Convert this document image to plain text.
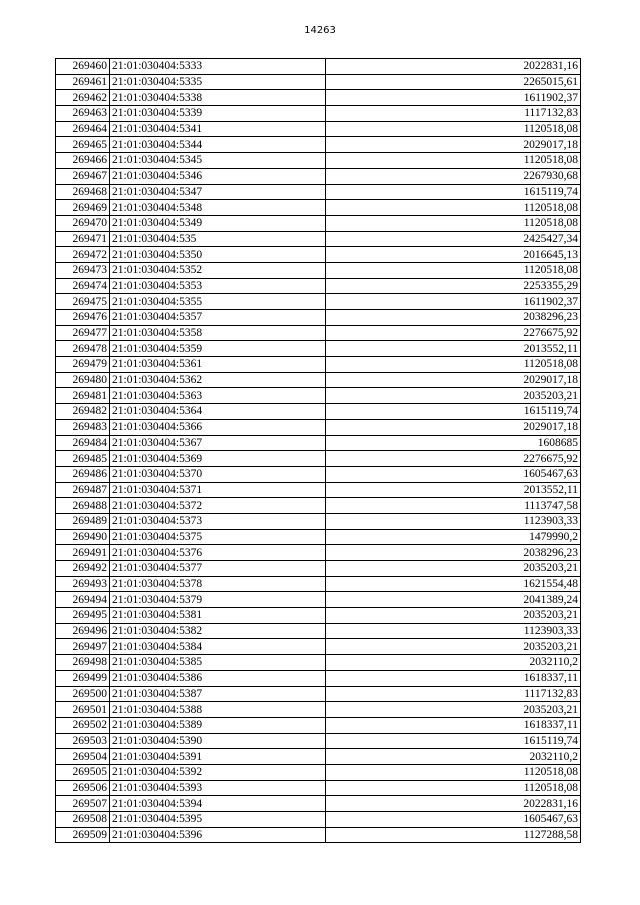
14263
269460	21:01:030404:5333	2022831,16
269461	21:01:030404:5335	2265015,61
269462	21:01:030404:5338	1611902,37
269463	21:01:030404:5339	1117132,83
269464	21:01:030404:5341	1120518,08
269465	21:01:030404:5344	2029017,18
269466	21:01:030404:5345	1120518,08
269467	21:01:030404:5346	2267930,68
269468	21:01:030404:5347	1615119,74
269469	21:01:030404:5348	1120518,08
269470	21:01:030404:5349	1120518,08
269471	21:01:030404:535	2425427,34
269472	21:01:030404:5350	2016645,13
269473	21:01:030404:5352	1120518,08
269474	21:01:030404:5353	2253355,29
269475	21:01:030404:5355	1611902,37
269476	21:01:030404:5357	2038296,23
269477	21:01:030404:5358	2276675,92
269478	21:01:030404:5359	2013552,11
269479	21:01:030404:5361	1120518,08
269480	21:01:030404:5362	2029017,18
269481	21:01:030404:5363	2035203,21
269482	21:01:030404:5364	1615119,74
269483	21:01:030404:5366	2029017,18
269484	21:01:030404:5367	1608685
269485	21:01:030404:5369	2276675,92
269486	21:01:030404:5370	1605467,63
269487	21:01:030404:5371	2013552,11
269488	21:01:030404:5372	1113747,58
269489	21:01:030404:5373	1123903,33
269490	21:01:030404:5375	1479990,2
269491	21:01:030404:5376	2038296,23
269492	21:01:030404:5377	2035203,21
269493	21:01:030404:5378	1621554,48
269494	21:01:030404:5379	2041389,24
269495	21:01:030404:5381	2035203,21
269496	21:01:030404:5382	1123903,33
269497	21:01:030404:5384	2035203,21
269498	21:01:030404:5385	2032110,2
269499	21:01:030404:5386	1618337,11
269500	21:01:030404:5387	1117132,83
269501	21:01:030404:5388	2035203,21
269502	21:01:030404:5389	1618337,11
269503	21:01:030404:5390	1615119,74
269504	21:01:030404:5391	2032110,2
269505	21:01:030404:5392	1120518,08
269506	21:01:030404:5393	1120518,08
269507	21:01:030404:5394	2022831,16
269508	21:01:030404:5395	1605467,63
269509	21:01:030404:5396	1127288,58
